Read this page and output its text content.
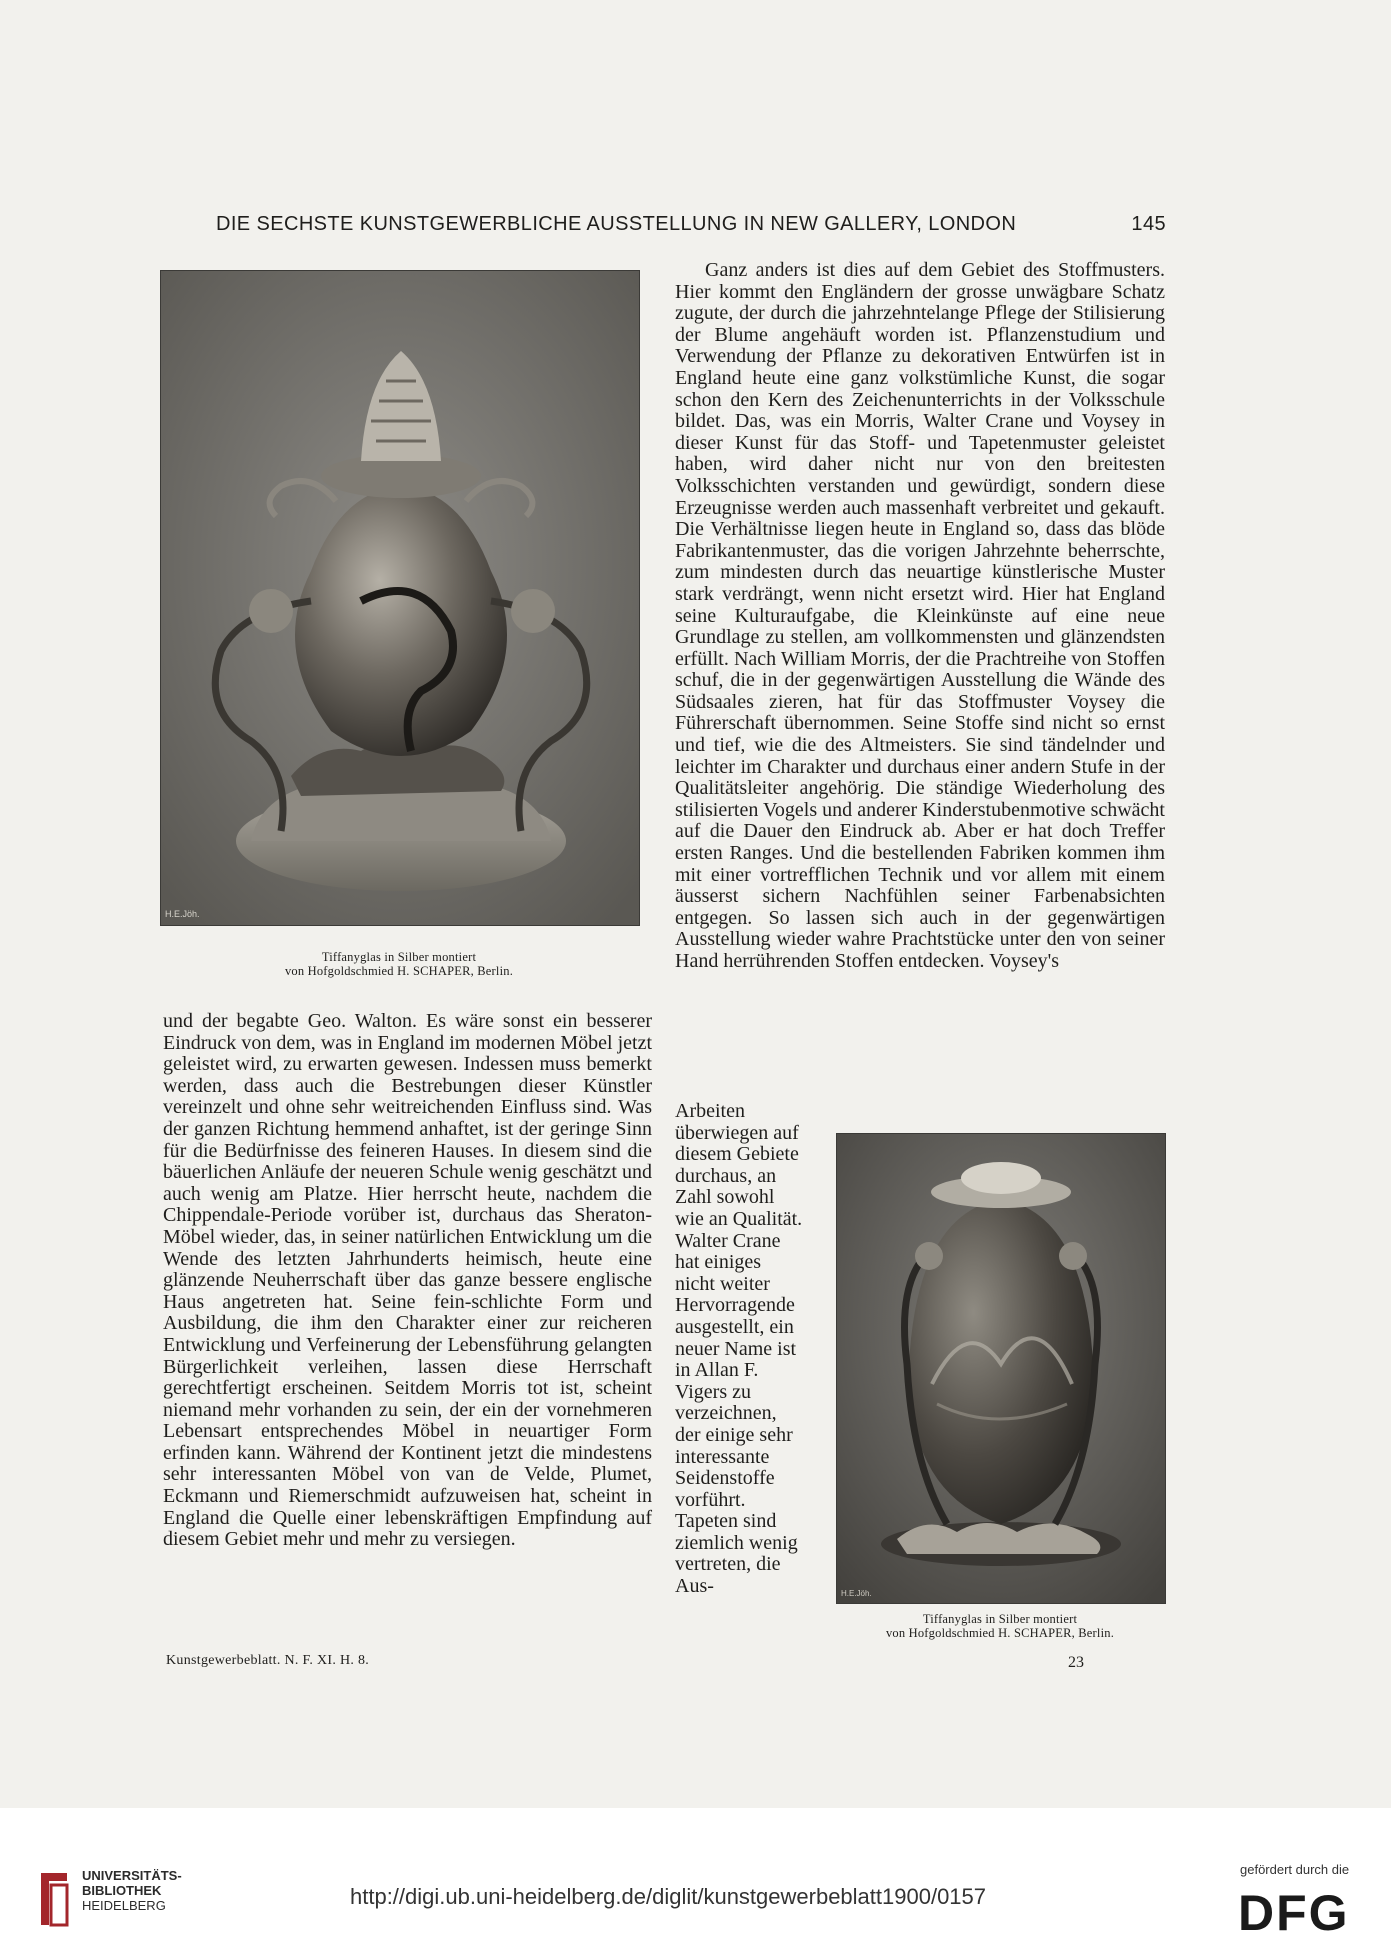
DIE SECHSTE KUNSTGEWERBLICHE AUSSTELLUNG IN NEW GALLERY, LONDON	145
H.E.Jöh.
Tiffanyglas in Silber montiert
von Hofgoldschmied H. SCHAPER, Berlin.

Ganz anders ist dies auf dem Gebiet des Stoffmusters. Hier kommt den Engländern der grosse unwägbare Schatz zugute, der durch die jahrzehntelange Pflege der Stilisierung der Blume angehäuft worden ist. Pflanzenstudium und Verwendung der Pflanze zu dekorativen Entwürfen ist in England heute eine ganz volkstümliche Kunst, die sogar schon den Kern des Zeichenunterrichts in der Volksschule bildet. Das, was ein Morris, Walter Crane und Voysey in dieser Kunst für das Stoff- und Tapetenmuster geleistet haben, wird daher nicht nur von den breitesten Volksschichten verstanden und gewürdigt, sondern diese Erzeugnisse werden auch massenhaft verbreitet und gekauft. Die Verhältnisse liegen heute in England so, dass das blöde Fabrikantenmuster, das die vorigen Jahrzehnte beherrschte, zum mindesten durch das neuartige künstlerische Muster stark verdrängt, wenn nicht ersetzt wird. Hier hat England seine Kulturaufgabe, die Kleinkünste auf eine neue Grundlage zu stellen, am vollkommensten und glänzendsten erfüllt. Nach William Morris, der die Prachtreihe von Stoffen schuf, die in der gegenwärtigen Ausstellung die Wände des Südsaales zieren, hat für das Stoffmuster Voysey die Führerschaft übernommen. Seine Stoffe sind nicht so ernst und tief, wie die des Altmeisters. Sie sind tändelnder und leichter im Charakter und durchaus einer andern Stufe in der Qualitätsleiter angehörig. Die ständige Wiederholung des stilisierten Vogels und anderer Kinderstubenmotive schwächt auf die Dauer den Eindruck ab. Aber er hat doch Treffer ersten Ranges. Und die bestellenden Fabriken kommen ihm mit einer vortrefflichen Technik und vor allem mit einem äusserst sichern Nachfühlen seiner Farbenabsichten entgegen. So lassen sich auch in der gegenwärtigen Ausstellung wieder wahre Prachtstücke unter den von seiner Hand herrührenden Stoffen entdecken. Voysey's

Arbeiten überwiegen auf diesem Gebiete durchaus, an Zahl sowohl wie an Qualität. Walter Crane hat einiges nicht weiter Hervorragende ausgestellt, ein neuer Name ist in Allan F. Vigers zu verzeichnen, der einige sehr interessante Seidenstoffe vorführt. Tapeten sind ziemlich wenig vertreten, die Aus-	H.E.Jöh.
Tiffanyglas in Silber montiert
von Hofgoldschmied H. SCHAPER, Berlin.

und der begabte Geo. Walton. Es wäre sonst ein besserer Eindruck von dem, was in England im modernen Möbel jetzt geleistet wird, zu erwarten gewesen. Indessen muss bemerkt werden, dass auch die Bestrebungen dieser Künstler vereinzelt und ohne sehr weitreichenden Einfluss sind. Was der ganzen Richtung hemmend anhaftet, ist der geringe Sinn für die Bedürfnisse des feineren Hauses. In diesem sind die bäuerlichen Anläufe der neueren Schule wenig geschätzt und auch wenig am Platze. Hier herrscht heute, nachdem die Chippendale-Periode vorüber ist, durchaus das Sheraton-Möbel wieder, das, in seiner natürlichen Entwicklung um die Wende des letzten Jahrhunderts heimisch, heute eine glänzende Neuherrschaft über das ganze bessere englische Haus angetreten hat. Seine fein-schlichte Form und Ausbildung, die ihm den Charakter einer zur reicheren Entwicklung und Verfeinerung der Lebensführung gelangten Bürgerlichkeit verleihen, lassen diese Herrschaft gerechtfertigt erscheinen. Seitdem Morris tot ist, scheint niemand mehr vorhanden zu sein, der ein der vornehmeren Lebensart entsprechendes Möbel in neuartiger Form erfinden kann. Während der Kontinent jetzt die mindestens sehr interessanten Möbel von van de Velde, Plumet, Eckmann und Riemerschmidt aufzuweisen hat, scheint in England die Quelle einer lebenskräftigen Empfindung auf diesem Gebiet mehr und mehr zu versiegen.

Kunstgewerbeblatt. N. F. XI. H. 8.	23
UNIVERSITÄTS-
BIBLIOTHEK
HEIDELBERG	http://digi.ub.uni-heidelberg.de/diglit/kunstgewerbeblatt1900/0157
gefördert durch die
DFG
